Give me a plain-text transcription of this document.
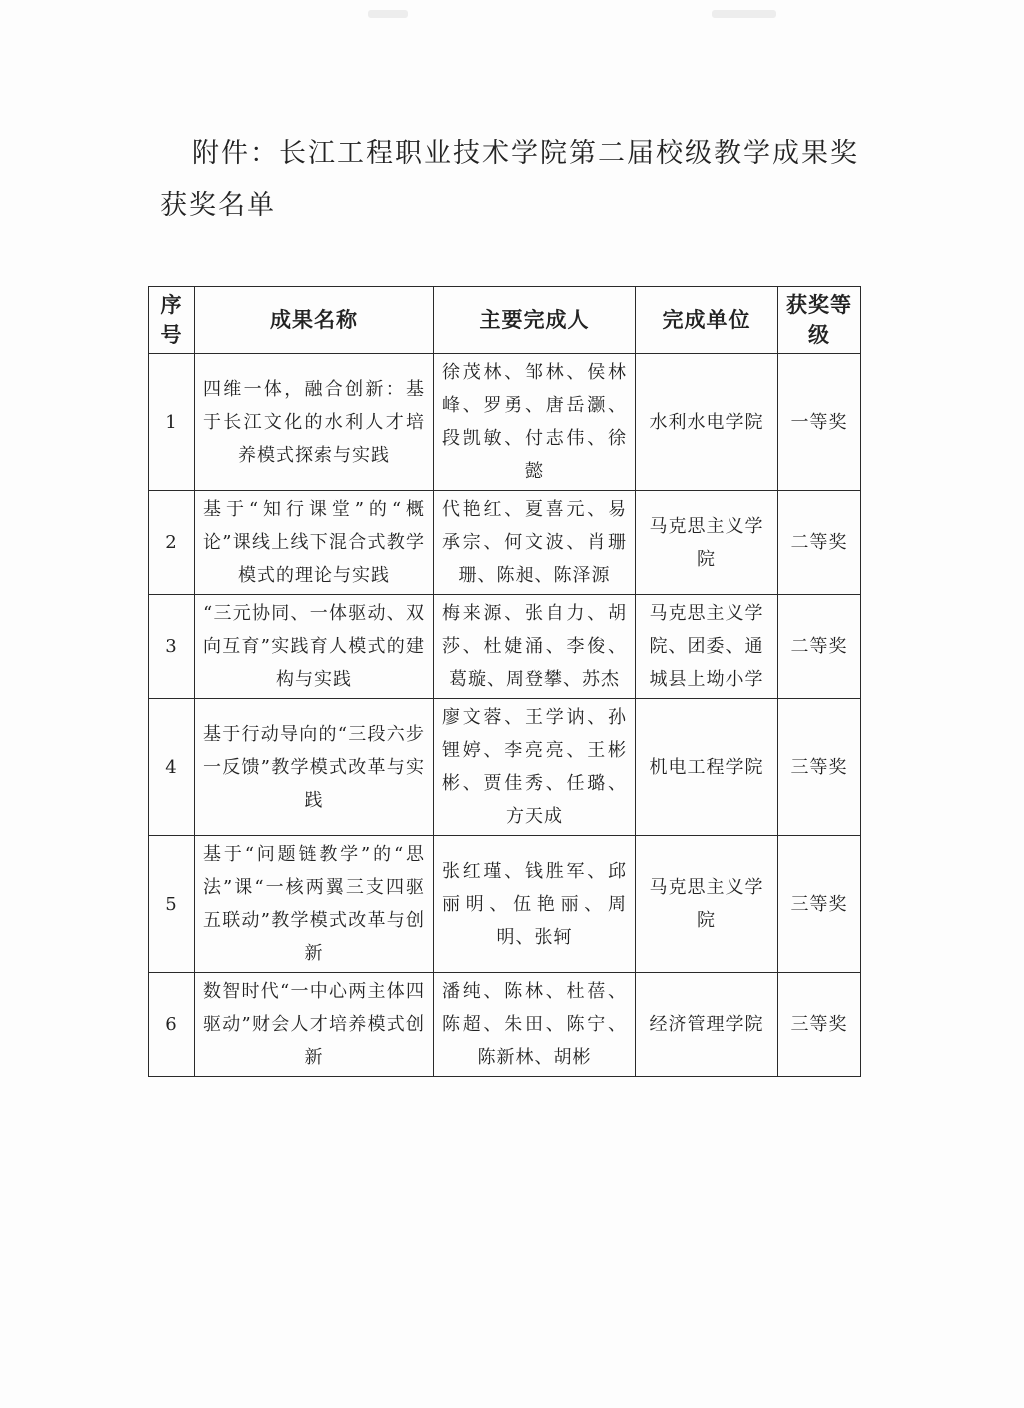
附件：长江工程职业技术学院第二届校级教学成果奖获奖名单
序号	成果名称	主要完成人	完成单位	获奖等级
1	四维一体，融合创新：基于长江文化的水利人才培养模式探索与实践	徐茂林、邹林、侯林峰、罗勇、唐岳灏、段凯敏、付志伟、徐懿	水利水电学院	一等奖
2	基于“知行课堂”的“概论”课线上线下混合式教学模式的理论与实践	代艳红、夏喜元、易承宗、何文波、肖珊珊、陈昶、陈泽源	马克思主义学院	二等奖
3	“三元协同、一体驱动、双向互育”实践育人模式的建构与实践	梅来源、张自力、胡莎、杜婕涌、李俊、葛璇、周登攀、苏杰	马克思主义学院、团委、通城县上坳小学	二等奖
4	基于行动导向的“三段六步一反馈”教学模式改革与实践	廖文蓉、王学讷、孙锂婷、李亮亮、王彬彬、贾佳秀、任璐、方天成	机电工程学院	三等奖
5	基于“问题链教学”的“思法”课“一核两翼三支四驱五联动”教学模式改革与创新	张红瑾、钱胜军、邱丽明、伍艳丽、周明、张轲	马克思主义学院	三等奖
6	数智时代“一中心两主体四驱动”财会人才培养模式创新	潘纯、陈林、杜蓓、陈超、朱田、陈宁、陈新林、胡彬	经济管理学院	三等奖
